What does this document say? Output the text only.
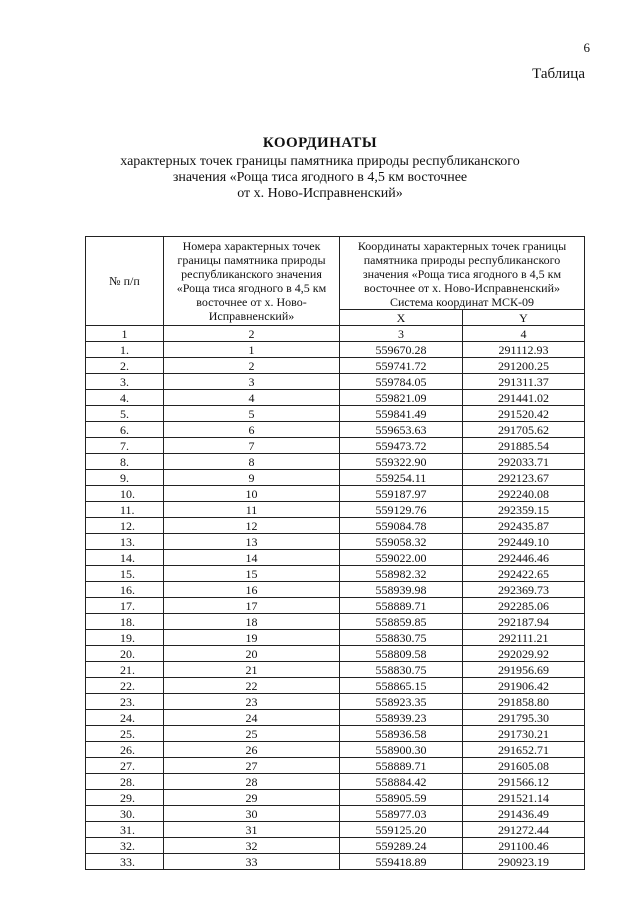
6
Таблица
КООРДИНАТЫ
характерных точек границы памятника природы республиканского
значения «Роща тиса ягодного в 4,5 км восточнее
от х. Ново-Исправненский»
№ п/п	Номера характерных точек границы памятника природы республиканского значения «Роща тиса ягодного в 4,5 км восточнее от х. Ново-Исправненский»	Координаты характерных точек границы памятника природы республиканского значения «Роща тиса ягодного в 4,5 км восточнее от х. Ново-Исправненский»
Система координат МСК-09	

		X	Y
1	2	3	4
1.	1	559670.28	291112.93
2.	2	559741.72	291200.25
3.	3	559784.05	291311.37
4.	4	559821.09	291441.02
5.	5	559841.49	291520.42
6.	6	559653.63	291705.62
7.	7	559473.72	291885.54
8.	8	559322.90	292033.71
9.	9	559254.11	292123.67
10.	10	559187.97	292240.08
11.	11	559129.76	292359.15
12.	12	559084.78	292435.87
13.	13	559058.32	292449.10
14.	14	559022.00	292446.46
15.	15	558982.32	292422.65
16.	16	558939.98	292369.73
17.	17	558889.71	292285.06
18.	18	558859.85	292187.94
19.	19	558830.75	292111.21
20.	20	558809.58	292029.92
21.	21	558830.75	291956.69
22.	22	558865.15	291906.42
23.	23	558923.35	291858.80
24.	24	558939.23	291795.30
25.	25	558936.58	291730.21
26.	26	558900.30	291652.71
27.	27	558889.71	291605.08
28.	28	558884.42	291566.12
29.	29	558905.59	291521.14
30.	30	558977.03	291436.49
31.	31	559125.20	291272.44
32.	32	559289.24	291100.46
33.	33	559418.89	290923.19
